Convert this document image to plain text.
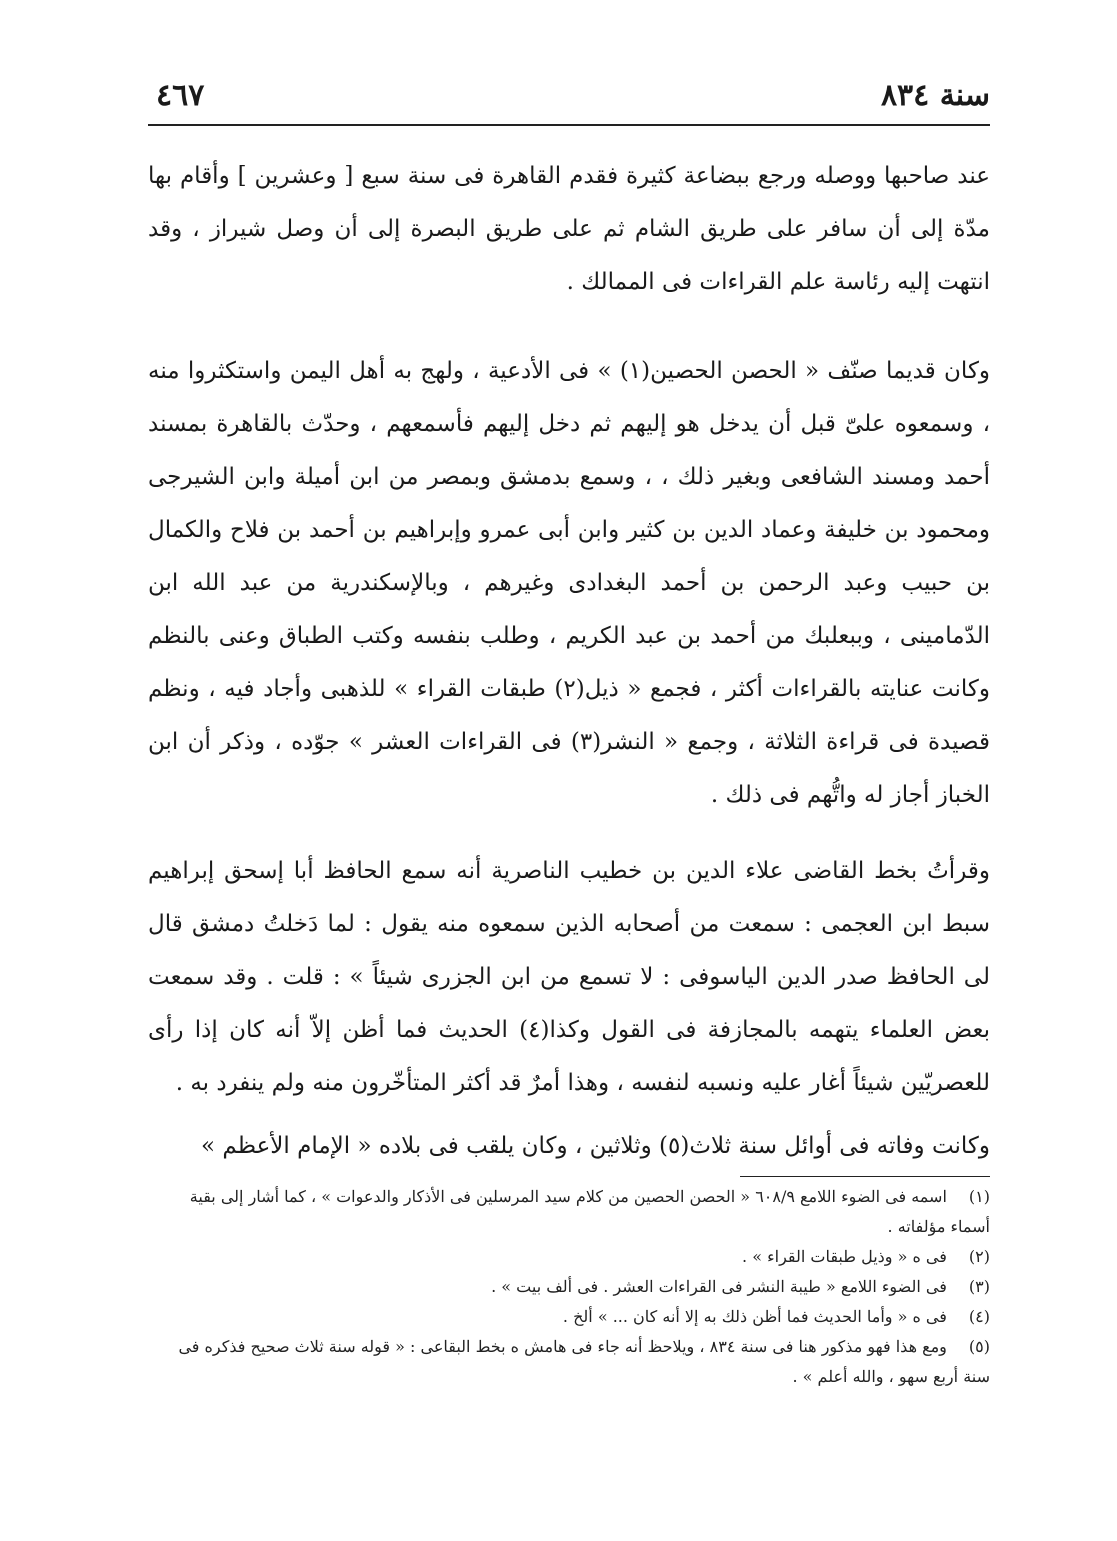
سنة ٨٣٤
٤٦٧

عند صاحبها ووصله ورجع ببضاعة كثيرة فقدم القاهرة فى سنة سبع [ وعشرين ] وأقام بها مدّة إلى أن سافر على طريق الشام ثم على طريق البصرة إلى أن وصل شيراز ، وقد انتهت إليه رئاسة علم القراءات فى الممالك .

وكان قديما صنّف « الحصن الحصين(١) » فى الأدعية ، ولهج به أهل اليمن واستكثروا منه ، وسمعوه علىّ قبل أن يدخل هو إليهم ثم دخل إليهم فأسمعهم ، وحدّث بالقاهرة بمسند أحمد ومسند الشافعى وبغير ذلك ، ، وسمع بدمشق وبمصر من ابن أميلة وابن الشيرجى ومحمود بن خليفة وعماد الدين بن كثير وابن أبى عمرو وإبراهيم بن أحمد بن فلاح والكمال بن حبيب وعبد الرحمن بن أحمد البغدادى وغيرهم ، وبالإسكندرية من عبد الله ابن الدّمامينى ، وببعلبك من أحمد بن عبد الكريم ، وطلب بنفسه وكتب الطباق وعنى بالنظم وكانت عنايته بالقراءات أكثر ، فجمع « ذيل(٢) طبقات القراء » للذهبى وأجاد فيه ، ونظم قصيدة فى قراءة الثلاثة ، وجمع « النشر(٣) فى القراءات العشر » جوّده ، وذكر أن ابن الخباز أجاز له واتُّهم فى ذلك .

وقرأتُ بخط القاضى علاء الدين بن خطيب الناصرية أنه سمع الحافظ أبا إسحق إبراهيم سبط ابن العجمى : سمعت من أصحابه الذين سمعوه منه يقول : لما دَخلتُ دمشق قال لى الحافظ صدر الدين الياسوفى : لا تسمع من ابن الجزرى شيئاً » : قلت . وقد سمعت بعض العلماء يتهمه بالمجازفة فى القول وكذا(٤) الحديث فما أظن إلاّ أنه كان إذا رأى للعصريّين شيئاً أغار عليه ونسبه لنفسه ، وهذا أمرٌ قد أكثر المتأخّرون منه ولم ينفرد به .

وكانت وفاته فى أوائل سنة ثلاث(٥) وثلاثين ، وكان يلقب فى بلاده « الإمام الأعظم »

(١) اسمه فى الضوء اللامع ٦٠٨/٩ « الحصن الحصين من كلام سيد المرسلين فى الأذكار والدعوات » ، كما أشار إلى بقية أسماء مؤلفاته .

(٢) فى ه « وذيل طبقات القراء » .

(٣) فى الضوء اللامع « طيبة النشر فى القراءات العشر . فى ألف بيت » .

(٤) فى ه « وأما الحديث فما أظن ذلك به إلا أنه كان ... » ألخ .

(٥) ومع هذا فهو مذكور هنا فى سنة ٨٣٤ ، ويلاحظ أنه جاء فى هامش ه بخط البقاعى : « قوله سنة ثلاث صحيح فذكره فى سنة أربع سهو ، والله أعلم » .
